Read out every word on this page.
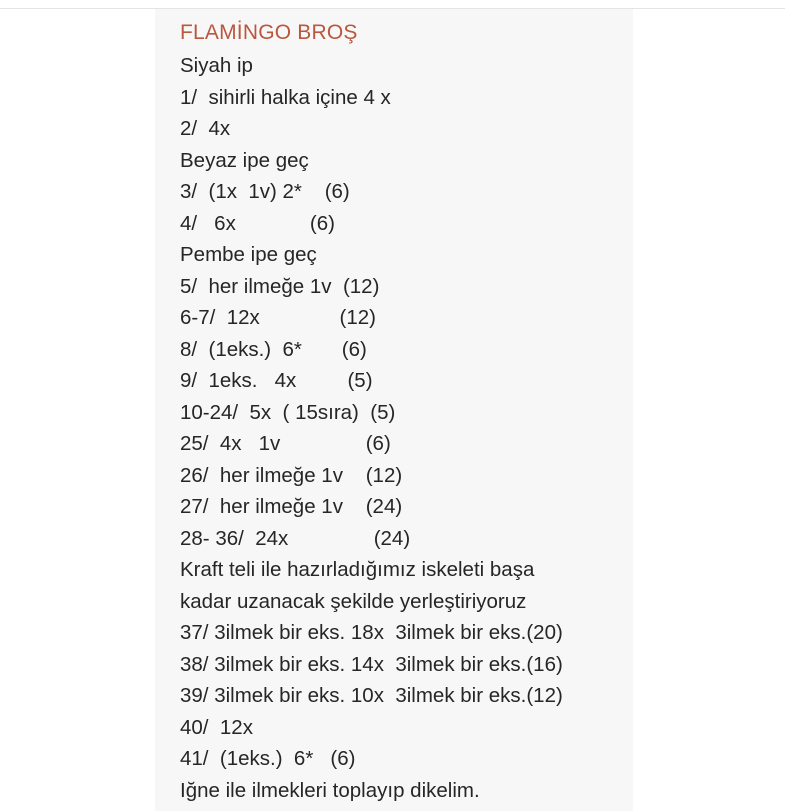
FLAMİNGO BROŞ
Siyah ip
1/  sihirli halka içine 4 x
2/  4x
Beyaz ipe geç
3/  (1x  1v) 2*    (6)
4/   6x             (6)
Pembe ipe geç
5/  her ilmeğe 1v  (12)
6-7/  12x              (12)
8/  (1eks.)  6*       (6)
9/  1eks.   4x         (5)
10-24/  5x  ( 15sıra)  (5)
25/  4x   1v               (6)
26/  her ilmeğe 1v    (12)
27/  her ilmeğe 1v    (24)
28- 36/  24x               (24)
Kraft teli ile hazırladığımız iskeleti başa
kadar uzanacak şekilde yerleştiriyoruz
37/ 3ilmek bir eks. 18x  3ilmek bir eks.(20)
38/ 3ilmek bir eks. 14x  3ilmek bir eks.(16)
39/ 3ilmek bir eks. 10x  3ilmek bir eks.(12)
40/  12x
41/  (1eks.)  6*   (6)
Iğne ile ilmekleri toplayıp dikelim.
